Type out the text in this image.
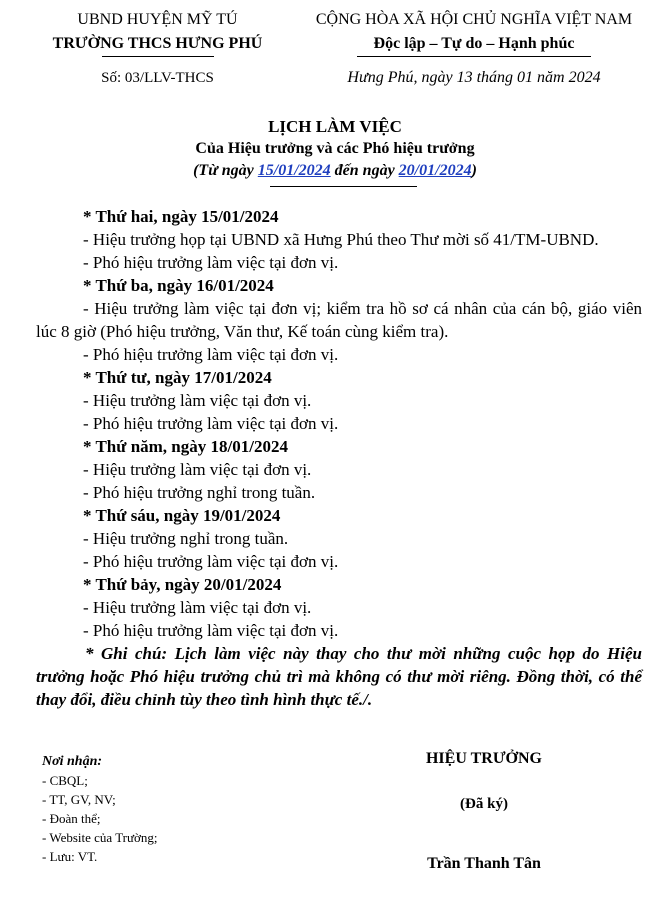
UBND HUYỆN MỸ TÚ
TRƯỜNG THCS HƯNG PHÚ
Số: 03/LLV-THCS
CỘNG HÒA XÃ HỘI CHỦ NGHĨA VIỆT NAM
Độc lập – Tự do – Hạnh phúc
Hưng Phú, ngày 13 tháng 01 năm 2024
LỊCH LÀM VIỆC
Của Hiệu trưởng và các Phó hiệu trưởng
(Từ ngày 15/01/2024 đến ngày 20/01/2024)

* Thứ hai, ngày 15/01/2024

- Hiệu trưởng họp tại UBND xã Hưng Phú theo Thư mời số 41/TM-UBND.

- Phó hiệu trưởng làm việc tại đơn vị.

* Thứ ba, ngày 16/01/2024

- Hiệu trưởng làm việc tại đơn vị; kiểm tra hồ sơ cá nhân của cán bộ, giáo viên lúc 8 giờ (Phó hiệu trưởng, Văn thư, Kế toán cùng kiểm tra).

- Phó hiệu trưởng làm việc tại đơn vị.

* Thứ tư, ngày 17/01/2024

- Hiệu trưởng làm việc tại đơn vị.

- Phó hiệu trưởng làm việc tại đơn vị.

* Thứ năm, ngày 18/01/2024

- Hiệu trưởng làm việc tại đơn vị.

- Phó hiệu trưởng nghỉ trong tuần.

* Thứ sáu, ngày 19/01/2024

- Hiệu trưởng nghỉ trong tuần.

- Phó hiệu trưởng làm việc tại đơn vị.

* Thứ bảy, ngày 20/01/2024

- Hiệu trưởng làm việc tại đơn vị.

- Phó hiệu trưởng làm việc tại đơn vị.

* Ghi chú: Lịch làm việc này thay cho thư mời những cuộc họp do Hiệu trưởng hoặc Phó hiệu trưởng chủ trì mà không có thư mời riêng. Đồng thời, có thể thay đổi, điều chỉnh tùy theo tình hình thực tế./.

Nơi nhận:
- CBQL;
- TT, GV, NV;
- Đoàn thể;
- Website của Trường;
- Lưu: VT.
HIỆU TRƯỞNG
(Đã ký)
Trần Thanh Tân
